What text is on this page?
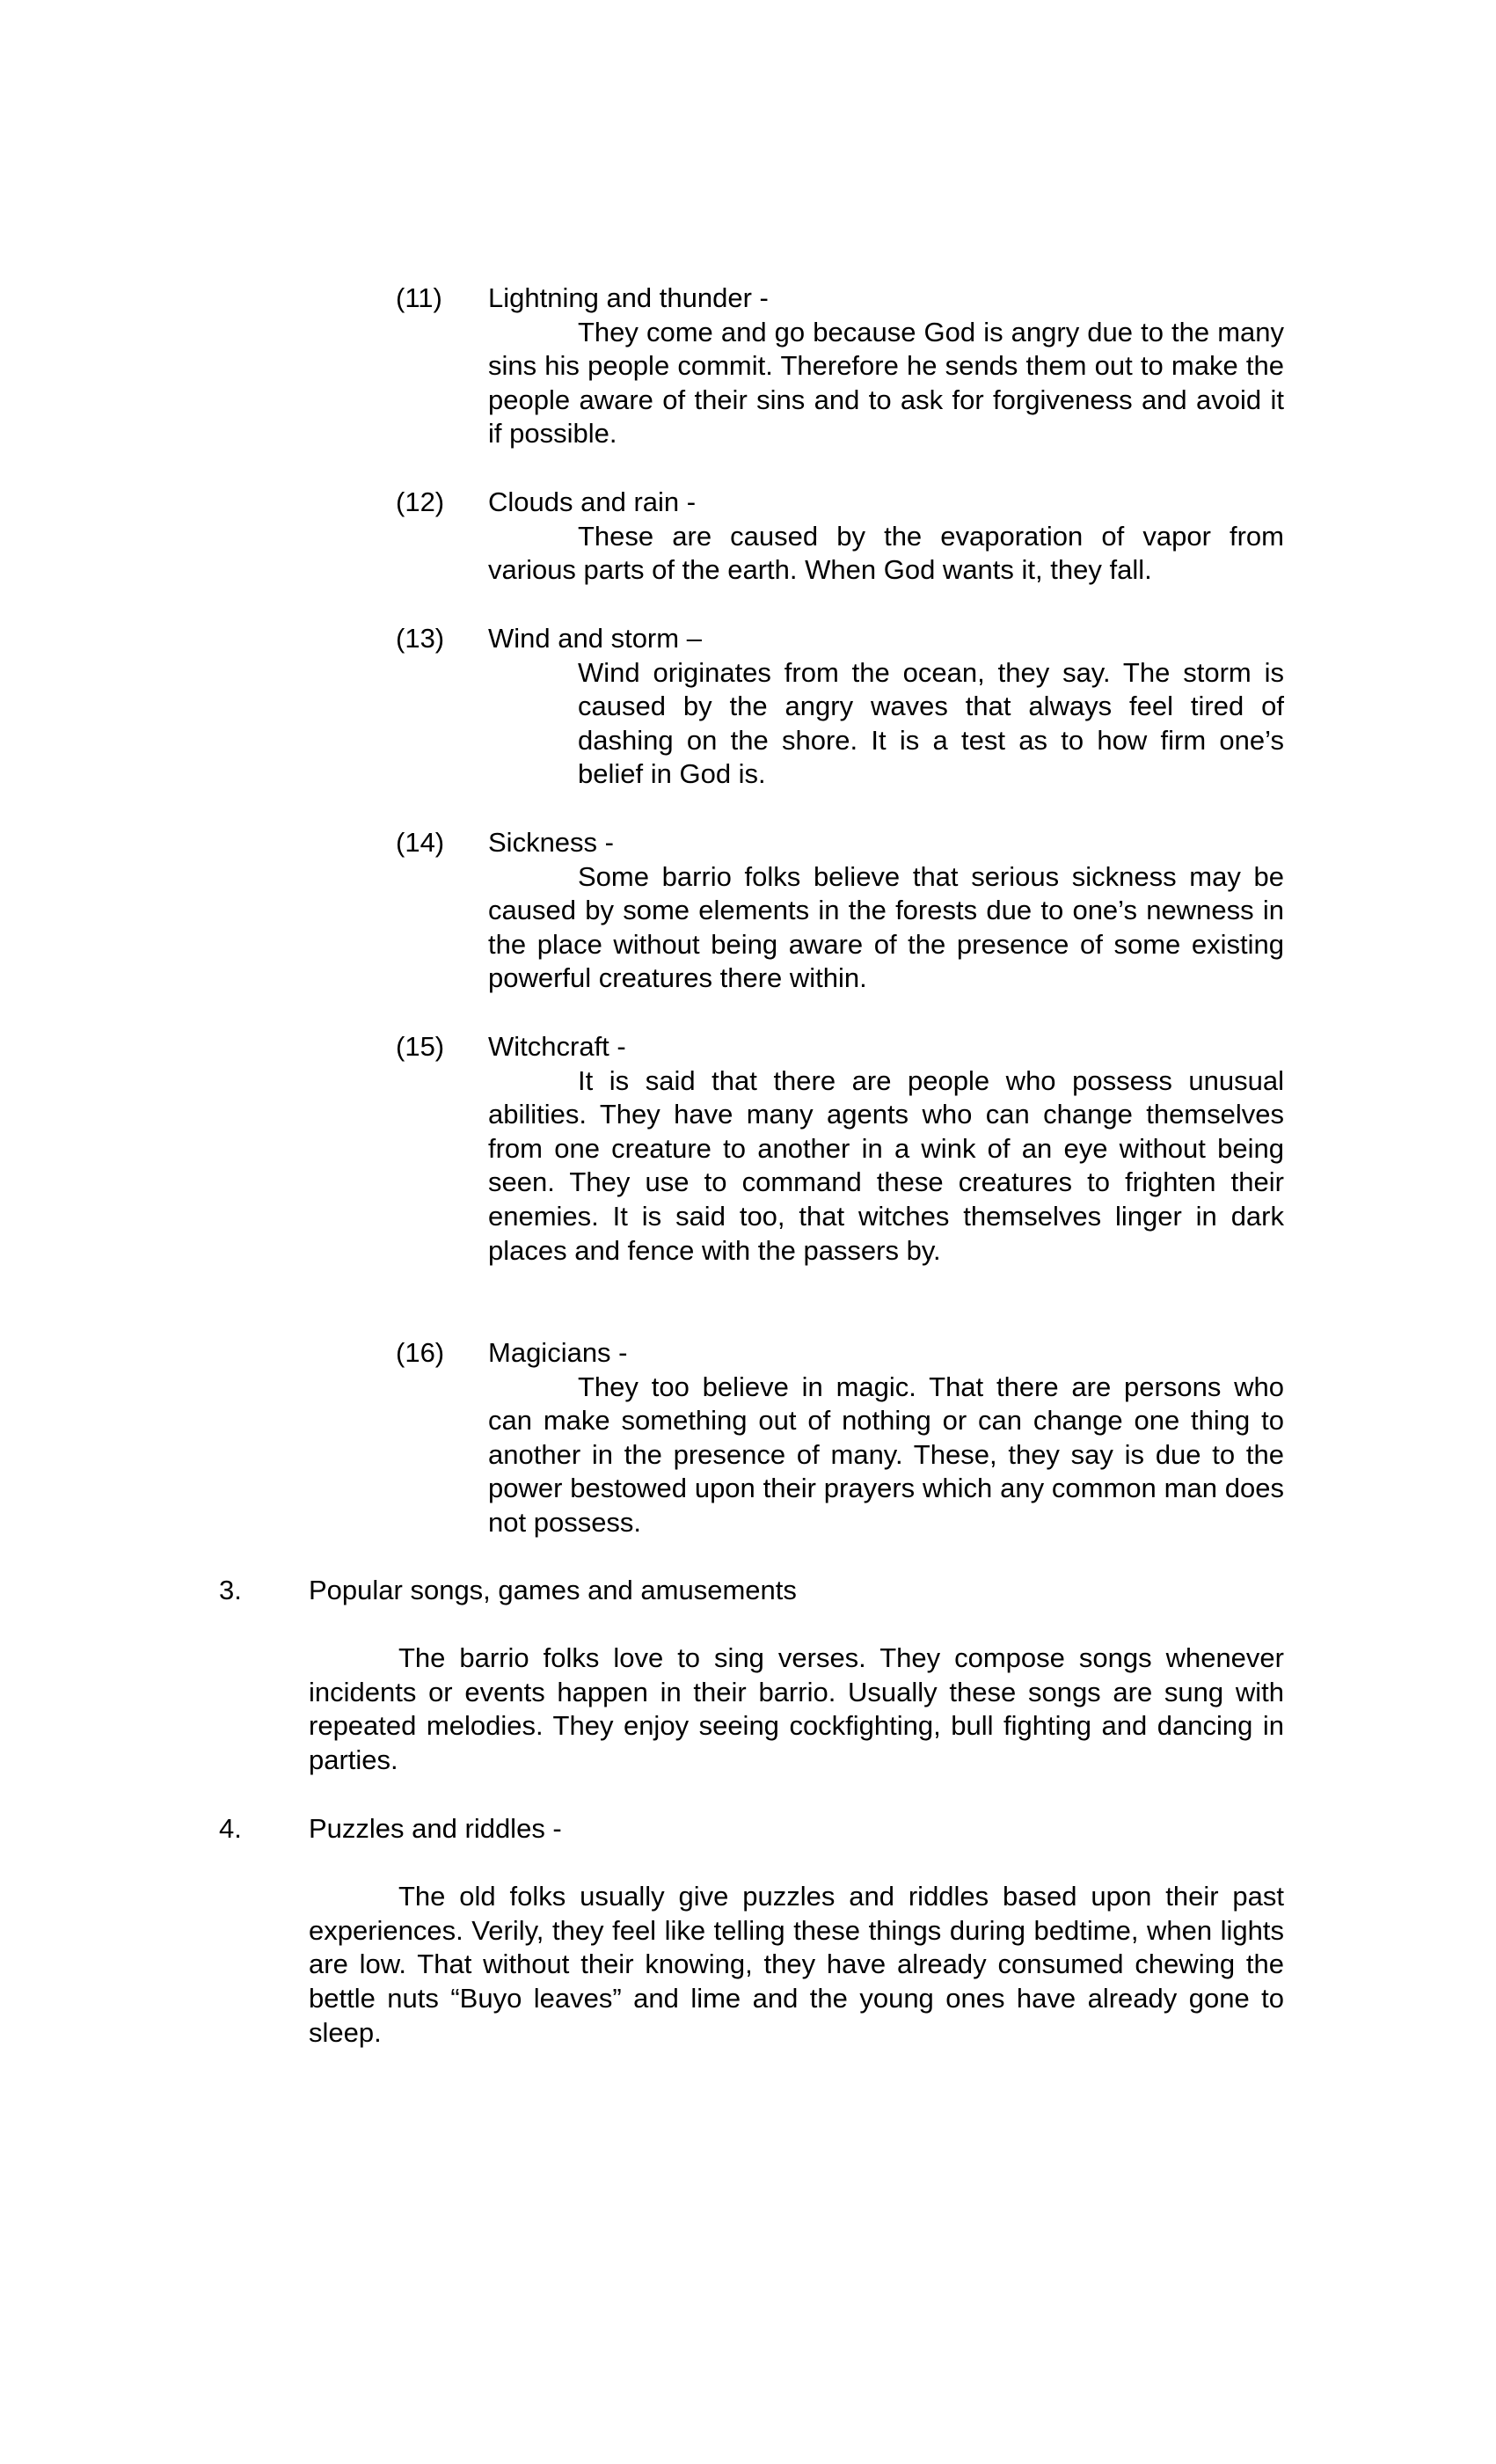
(11) Lightning and thunder -

They come and go because God is angry due to the many sins his people commit. Therefore he sends them out to make the people aware of their sins and to ask for forgiveness and avoid it if possible.

(12) Clouds and rain -

These are caused by the evaporation of vapor from various parts of the earth. When God wants it, they fall.

(13) Wind and storm –

Wind originates from the ocean, they say. The storm is caused by the angry waves that always feel tired of dashing on the shore. It is a test as to how firm one’s belief in God is.

(14) Sickness -

Some barrio folks believe that serious sickness may be caused by some elements in the forests due to one’s newness in the place without being aware of the presence of some existing powerful creatures there within.

(15) Witchcraft -

It is said that there are people who possess unusual abilities. They have many agents who can change themselves from one creature to another in a wink of an eye without being seen. They use to command these creatures to frighten their enemies. It is said too, that witches themselves linger in dark places and fence with the passers by.

(16) Magicians -

They too believe in magic. That there are persons who can make something out of nothing or can change one thing to another in the presence of many. These, they say is due to the power bestowed upon their prayers which any common man does not possess.

3. Popular songs, games and amusements

The barrio folks love to sing verses. They compose songs whenever incidents or events happen in their barrio. Usually these songs are sung with repeated melodies. They enjoy seeing cockfighting, bull fighting and dancing in parties.

4. Puzzles and riddles -

The old folks usually give puzzles and riddles based upon their past experiences. Verily, they feel like telling these things during bedtime, when lights are low. That without their knowing, they have already consumed chewing the bettle nuts “Buyo leaves” and lime and the young ones have already gone to sleep.
